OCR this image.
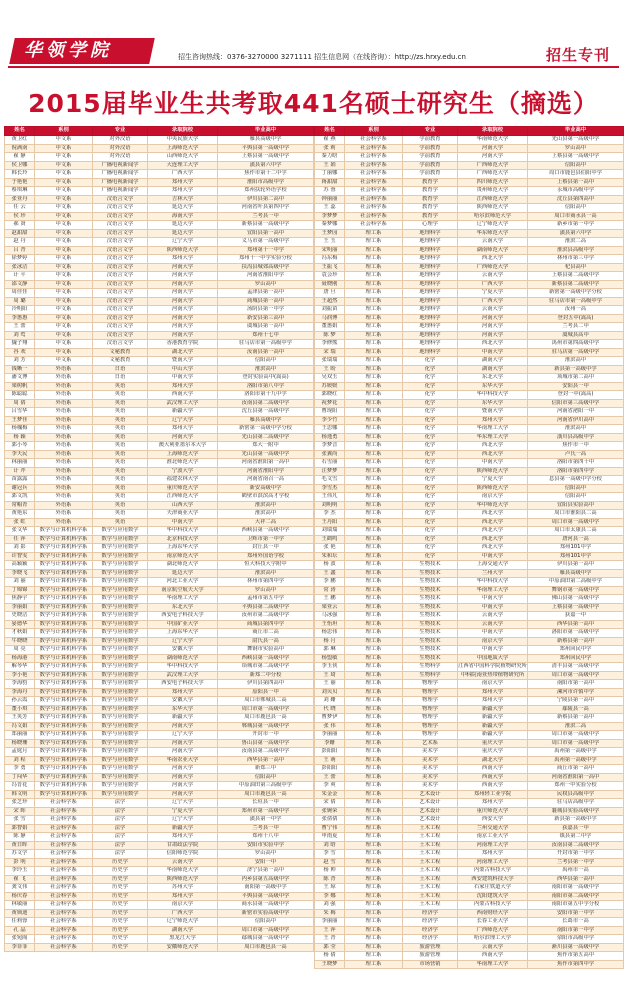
华领学院	招生咨询热线：0376-3270000 3271111 招生信息网（在线咨询）：http://zs.hrxy.edu.cn	招生专刊
2015届毕业生共考取441名硕士研究生（摘选）
姓名	系别	专业	录取院校	毕业高中
黄卫红	中文系	对外汉语	中央民族大学	雁县高级中学
倪满南	中文系	对外汉语	上海师范大学	平舆县第一高级中学
翟 静	中文系	对外汉语	山西师范大学	上蔡县第一高级中学
侯卫娜	中文系	广播电视新闻学	大连理工大学	潢县第六中学
韩长玲	中文系	广播电视新闻学	广西大学	焦作市第十二中学
于艳艳	中文系	广播电视新闻学	郑州大学	淮阳市高级中学
蔡琪琳	中文系	广播电视新闻学	郑州大学	郑州扶轮外语学校
张亚丹	中文系	汉语言文学	吉林大学	伊川县第二高中
任 云	中文系	汉语言文学	延边大学	河南省叶县第四中学
侯 珍	中文系	汉语言文学	海南大学	兰考县一中
郝 贤	中文系	汉语言文学	延边大学	新蔡县第一高级中学
赵甜甜	中文系	汉语言文学	延边大学	宜阳县第一高中
赵 丹	中文系	汉语言文学	辽宁大学	义马市第一高级中学
吕 青	中文系	汉语言文学	陕西师范大学	郑州第十一中学
徐梦婷	中文系	汉语言文学	郑州大学	郑州十一中学实验分校
张冰洁	中文系	汉语言文学	河南大学	扶沟县城郊高级中学
计 平	中文系	汉语言文学	河南大学	河南省淮阳中学
邵文静	中文系	汉语言文学	河南大学	罗山高中
周佳佳	中文系	汉语言文学	河南大学	孟津县第一高中
周 璐	中文系	汉语言文学	河南大学	商城县第一高中
冷明阳	中文系	汉语言文学	河南大学	汤阴县第一中学
李惠惠	中文系	汉语言文学	河南大学	新安县第三高中
王 蕾	中文系	汉语言文学	河南大学	虞城县第一高中
刘 莺	中文系	汉语言文学	河南大学	郑州十七中
魏子翔	中文系	汉语言文学	香港教育学院	驻马店市第一高级中学
谷 欢	中文系	文秘教育	湖北大学	汝南县第一高中
刘 芳	中文系	文秘教育	暨南大学	信阳高中
钱晰一	外语系	日语	中山大学	淮滨高中
潘文博	外语系	日语	中南大学	登封实验高中(嵩高)
梁树帆	外语系	英语	郑州大学	洛阳市第八中学
陈聪聪	外语系	英语	西南大学	洛阳市第十九中学
周 倩	外语系	英语	武汉理工大学	汝南县第二高级中学
吕雪华	外语系	英语	新疆大学	沈丘县第一高级中学
王梦佳	外语系	英语	辽宁大学	雁县高级中学
杨槐梅	外语系	英语	郑州大学	新密第一高级中学分校
杨 颖	外语系	英语	河南大学	光山县第二高级中学
郭小琴	外语系	英语	澳大利亚墨尔本大学	郑大一附中
李天民	外语系	英语	上海师范大学	光山县第一高级中学
林丽丽	外语系	英语	淮北师范大学	河南省淮阳第一高中
计 芹	外语系	英语	宁波大学	河南省淮阳中学
苗露露	外语系	英语	福建农林大学	河南省南召一高
谢冠兵	外语系	英语	重庆师范大学	新安高级中学
郭文凯	外语系	英语	江西师范大学	鹤壁市淇滨高才学校
常帽青	外语系	英语	山西大学	淮滨高中
黄艳东	外语系	英语	天津商业大学	淮滨高中
张 虹	外语系	英语	中南大学	大祥二高
张文华	数学与计算机科学系	数学与应用数学	华中科技大学	西峡县第一高级中学
任 萍	数学与计算机科学系	数学与应用数学	北京科技大学	卫辉市第一中学
刘 影	数学与计算机科学系	数学与应用数学	上海东华大学	封丘县一中
许智雯	数学与计算机科学系	数学与应用数学	南京师范大学	郑州外国语学校
高颖颖	数学与计算机科学系	数学与应用数学	湖北师范大学	恒大科技大学附中
李晓飞	数学与计算机科学系	数学与应用数学	延边大学	淮滨高中
刘 丽	数学与计算机科学系	数学与应用数学	河北工业大学	林州市第四中学
丁锦锦	数学与计算机科学系	数学与应用数学	南京航空航天大学	罗山高中
焦静宇	数学与计算机科学系	数学与应用数学	华南理工大学	孟州市第五中学
李丽娟	数学与计算机科学系	数学与应用数学	东北大学	平舆县第二高级中学
史晓洁	数学与计算机科学系	数学与应用数学	西安电子科技大学	汝州市第二高级中学
晏德华	数学与计算机科学系	数学与应用数学	中国矿业大学	商城县第四中学
才秋娟	数学与计算机科学系	数学与应用数学	上海东华大学	商丘市二高
牛晓晓	数学与计算机科学系	数学与应用数学	辽宁大学	尉氏县一高
周 亮	数学与计算机科学系	数学与应用数学	安徽大学	舞钢市实验高中
杨海港	数学与计算机科学系	数学与应用数学	湖南师范大学	西峡县第一高级中学
解琴华	数学与计算机科学系	数学与应用数学	华中科技大学	项城市第二高级中学
李小艳	数学与计算机科学系	数学与应用数学	武汉理工大学	新郑二中分校
李海豹	数学与计算机科学系	数学与应用数学	西安电子科技大学	伊川县第四高中
李海丹	数学与计算机科学系	数学与应用数学	郑州大学	原阳县一中
孙云霞	数学与计算机科学系	数学与应用数学	安徽大学	周口市郸城县二高
董小琪	数学与计算机科学系	数学与应用数学	东华大学	周口市第一高级中学
王英芳	数学与计算机科学系	数学与应用数学	新疆大学	周口市鹿邑县一高
冯文娟	数学与计算机科学系	数学与应用数学	河南大学	郸城县第一高级中学
郑丽丽	数学与计算机科学系	数学与应用数学	辽宁大学	开封市一中
杨晓珊	数学与计算机科学系	数学与应用数学	河南大学	鲁山县第一高级中学
孟庭月	数学与计算机科学系	数学与应用数学	河南大学	汝南县第二高级中学
刘 程	数学与计算机科学系	数学与应用数学	华南农业大学	西华县第一高中
李 勇	数学与计算机科学系	数学与应用数学	河南大学	新郑三中
丁闯华	数学与计算机科学系	数学与应用数学	河南大学	信阳高中
冯晋花	数学与计算机科学系	数学与应用数学	河南大学	中原油田第三高级中学
韩文明	数学与计算机科学系	数学与应用数学	河南大学	周口市鹿邑县一高
张芝珍	社会科学系	法学	辽宁大学	长垣县一中
宋 晖	社会科学系	法学	宁夏大学	郑州市第一高级中学
张 雪	社会科学系	法学	辽宁大学	潢县第一中学
郭智娟	社会科学系	法学	新疆大学	兰考县一中
陈 静	社会科学系	法学	郑州大学	郑州十八中
黄日晖	社会科学系	法学	甘肃政法学院	安阳市实验中学
苏文学	社会科学系	法学	信阳师范学院	罗山高中
彭 明	社会科学系	历史学	云南大学	安阳一中
李玲玉	社会科学系	历史学	华南师范大学	济宁县第一高中
翟 飞	社会科学系	历史学	陕西师范大学	内乡县第五高级中学
龚文伟	社会科学系	历史学	苏州大学	南阳第一高级中学
杨庆春	社会科学系	历史学	郑州大学	平舆县第一高级中学
林敏丽	社会科学系	历史学	南京大学	商水县第一高级中学
黄锁迪	社会科学系	历史学	广西大学	新密市实验高级中学
任莉蓉	社会科学系	历史学	辽宁师范大学	信阳高中
孔 晶	社会科学系	历史学	湖南大学	周口市第一高级中学
张宛阁	社会科学系	历史学	黑龙江大学	鄢城县第一高级中学
李菲菲	社会科学系	历史学	安徽师范大学	周口市鹿邑县一高
姓名	系别	专业	录取院校	毕业高中
翟 燕	社会科学系	学前教育	华南师范大学	光山县第一高级中学
张 莉	社会科学系	学前教育	河南大学	罗山高中
秦力晗	社会科学系	学前教育	河南大学	上蔡县第一高级中学
王 娟	社会科学系	学前教育	广西师范大学	信阳高中
丁丽娜	社会科学系	学前教育	广西师范大学	周口市鹿邑县伯阳中学
蒋甜甜	社会科学系	教育学	四川师范大学	上蔡县第一高中
苏 蓉	社会科学系	教育学	贵州师范大学	永城市高级中学
钟丽丽	社会科学系	教育学	江西师范大学	沈丘县第四高中
王 蕊	社会科学系	教育学	陕西师范大学	信阳高中
李梦梦	社会科学系	教育学	哈尔滨师范大学	周口市商水县一高
秦梦娜	社会科学系	心理学	辽宁师范大学	新乡市第一中学
王梦园	理工系	地理科学	华东师范大学	潢县第六中学
王 玉	理工系	地理科学	云南大学	淮滨二高
宋明丽	理工系	地理科学	湖南师范大学	淮滨县高级中学
冯东梅	理工系	地理科学	西北大学	林州市第三中学
王振飞	理工系	地理科学	广西师范大学	杞县高中
袁会珍	理工系	地理科学	云南大学	上蔡县第二高级中学
聂晓刚	理工系	地理科学	广西大学	新蔡县第二高级中学
唐 旦	理工系	地理科学	宁夏大学	新密第一高级中学分校
王超然	理工系	地理科学	广西大学	驻马店市第一高级中学
刘振苗	理工系	地理科学	云南大学	汝州一高
马润博	理工系	地理科学	河南大学	登封五中(嵩高)
董惠娟	理工系	地理科学	河南大学	兰考县二中
陈 梦	理工系	地理科学	河南大学	虞城县高中
李修熊	理工系	地理科学	西北大学	禹州市第四高级中学
宋 瑞	理工系	地理科学	中南大学	驻马店第一高级中学
张瑞瑞	理工系	化学	湖南大学	淮滨高中
王 盼	理工系	化学	湖南大学	新县第一高级中学
吴双玉	理工系	化学	东北大学	项城市第二高中
苏媛媛	理工系	化学	东华大学	安阳县一中
郭晓红	理工系	化学	华中科技大学	登封一中(嵩高)
祝梦花	理工系	化学	东华大学	信阳市第三高级中学
曹现阳	理工系	化学	暨南大学	河南省泌阳一中
李少竹	理工系	化学	郑州大学	河南省伊川高中
王思娜	理工系	化学	华南理工大学	淮滨高中
杨逸勇	理工系	化学	华东理工大学	潢川县高级中学
李梦音	理工系	化学	西北大学	焦作市一中
张翼尚	理工系	化学	西北大学	卢氏一高
石雪丽	理工系	化学	中南大学	洛阳市第四十中
汪梦梦	理工系	化学	陕西师范大学	洛阳市第四中学
毛文雪	理工系	化学	宁夏大学	息县第一高级中学分校
李雪杰	理工系	化学	陕西师范大学	信阳高中
王伟凡	理工系	化学	南京大学	信阳高中
刘明明	理工系	化学	华中师范大学	宜阳县实验高中
李 杰	理工系	化学	西北大学	周口市淮阳县二高
王丹阳	理工系	化学	西北大学	周口市第一高级中学
刘瑞瑞	理工系	化学	西北大学	周口市太康县二高
王鹤鸣	理工系	化学	西北大学	唐河县一高
张 艳	理工系	化学	西北大学	郑州101中学
朱和坛	理工系	化学	中南大学	郑州101中学
杨 波	理工系	生物技术	上海交通大学	伊川县第一高中
王 鑫	理工系	生物技术	兰州大学	雁县高级中学
李 鹏	理工系	生物技术	华中科技大学	中原油田第二高级中学
常 涛	理工系	生物技术	华南理工大学	舞钢市第一高级中学
王 鹏	理工系	生物技术	中南大学	佛山县第一高级中学
梁亚云	理工系	生物技术	中南大学	上蔡县第一高级中学
马冰强	理工系	生物技术	云南大学	获嘉一中
王怡坦	理工系	生物技术	云南大学	西华县第一高中
杨思伟	理工系	生物技术	中南大学	洛阳市第一高级中学
杨 月	理工系	生物技术	南京大学	新蔡县第一高中
郭 琳	理工系	生物技术	中南大学	郑州回民中学
杨盟敏	理工系	生物技术	中国地质大学	郑州回民中学
李玉侠	理工系	生物科学	江西省中国科学院植物研究所	清丰县第一高级中学
王 琦	理工系	生物科学	中科院南亚热带植物研究所	周口市第一高级中学
王 丽	理工系	物理学	南京大学	南阳市第一高中
刘贝贝	理工系	物理学	郑州大学	漯河市许慎中学
刘 姗	理工系	物理学	郑州大学	宁陵县第一高中
代 晓	理工系	物理学	新疆大学	鄢陵县一高
曹梦伊	理工系	物理学	新疆大学	新蔡县第一高中
张 伟	理工系	物理学	新疆大学	淮滨二高
李丽丽	理工系	物理学	新疆大学	周口市第一高级中学
李姗	理工系	艺术系	重庆大学	周口市第一高级中学
彭阳阳	理工系	美术学	重庆大学	禹州第一高级中学
王 萌	理工系	美术学	湖北大学	禹州第一高级中学
彭阳阳	理工系	美术学	西南大学	商丘市第一高中
王 蕾	理工系	美术学	西南大学	河南省淮阳第一高中
李 爽	理工系	美术学	西南大学	郑州一中实验分校
朱金金	理工系	艺术设计	郑州轻工业学院	民权县高级中学
宋 倩	理工系	艺术设计	郑州大学	驻马店高级中学
张婉荣	理工系	艺术设计	重庆师范大学	襄城县实验高级中学
张倩倩	理工系	艺术设计	西安大学	新县第一高级中学
曹宁伟	理工系	土木工程	兰州交通大学	获嘉县一中
申雨夏	理工系	土木工程	南京工业大学	镇县第二中学
刘 晗	理工系	土木工程	河南理工大学	汝南县第二高级中学
李 雪	理工系	土木工程	郑州大学	开封市第一中学
赵 雪	理工系	土木工程	河南理工大学	兰考县第一中学
杨 帅	理工系	土木工程	内蒙古科技大学	禹州市一高
陈 青	理工系	土木工程	西安建筑科技大学	西华县第一高中
王 琼	理工系	土木工程	石家庄铁道大学	南阳市第一高级中学
李 娜	理工系	土木工程	沈阳建筑大学	南阳市第二高级中学
刘 强	理工系	土木工程	内蒙古科技大学	南阳市第五中学分校
朱 梅	理工系	经济学	西南财经大学	安阳市第一中学
李丽丽	理工系	经济学	长春工业大学	长葛市一高
王 萍	理工系	经济学	广西师范大学	南阳市第一中学
王 青	理工系	经济学	哈尔滨理工大学	荥阳市高级中学
郭 莹	理工系	旅游管理	云南大学	淅川县第一高级中学
杨 倩	理工系	旅游管理	西南大学	焦作市第五高中
王晓梦	理工系	市场营销	华南理工大学	焦作市第四中学
